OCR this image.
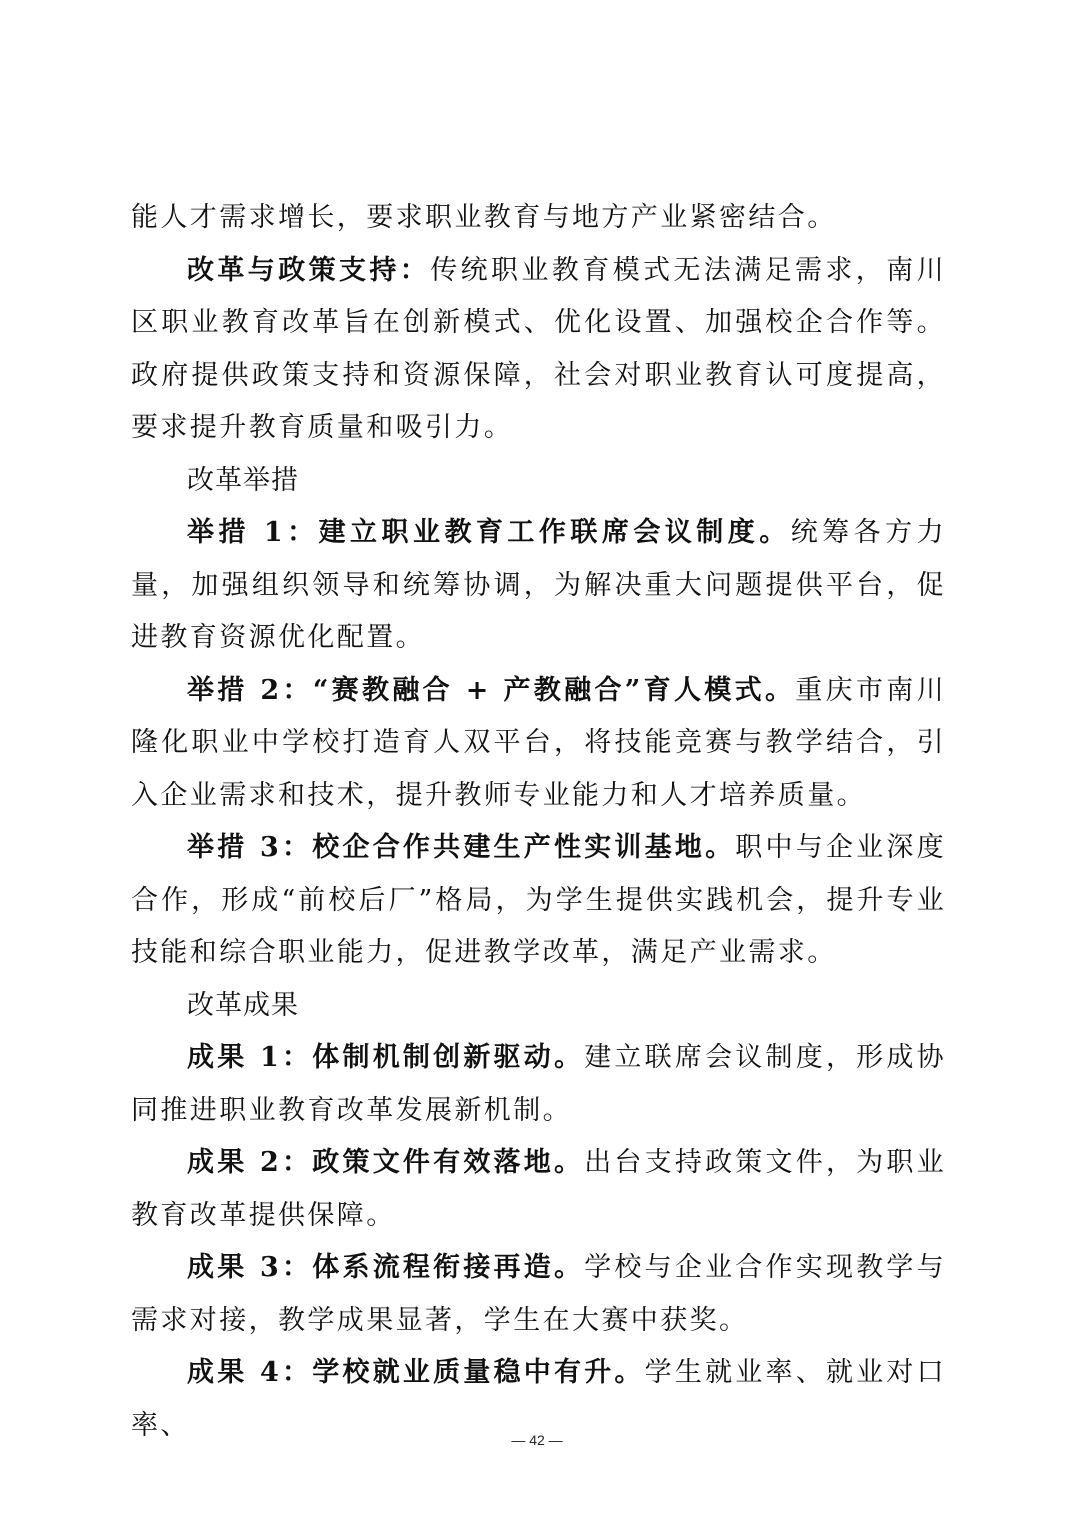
能人才需求增长，要求职业教育与地方产业紧密结合。

改革与政策支持：传统职业教育模式无法满足需求，南川区职业教育改革旨在创新模式、优化设置、加强校企合作等。政府提供政策支持和资源保障，社会对职业教育认可度提高，要求提升教育质量和吸引力。

改革举措

举措 1：建立职业教育工作联席会议制度。统筹各方力量，加强组织领导和统筹协调，为解决重大问题提供平台，促进教育资源优化配置。

举措 2：“赛教融合 + 产教融合”育人模式。重庆市南川隆化职业中学校打造育人双平台，将技能竞赛与教学结合，引入企业需求和技术，提升教师专业能力和人才培养质量。

举措 3：校企合作共建生产性实训基地。职中与企业深度合作，形成“前校后厂”格局，为学生提供实践机会，提升专业技能和综合职业能力，促进教学改革，满足产业需求。

改革成果

成果 1：体制机制创新驱动。建立联席会议制度，形成协同推进职业教育改革发展新机制。

成果 2：政策文件有效落地。出台支持政策文件，为职业教育改革提供保障。

成果 3：体系流程衔接再造。学校与企业合作实现教学与需求对接，教学成果显著，学生在大赛中获奖。

成果 4：学校就业质量稳中有升。学生就业率、就业对口率、	— 42 —
